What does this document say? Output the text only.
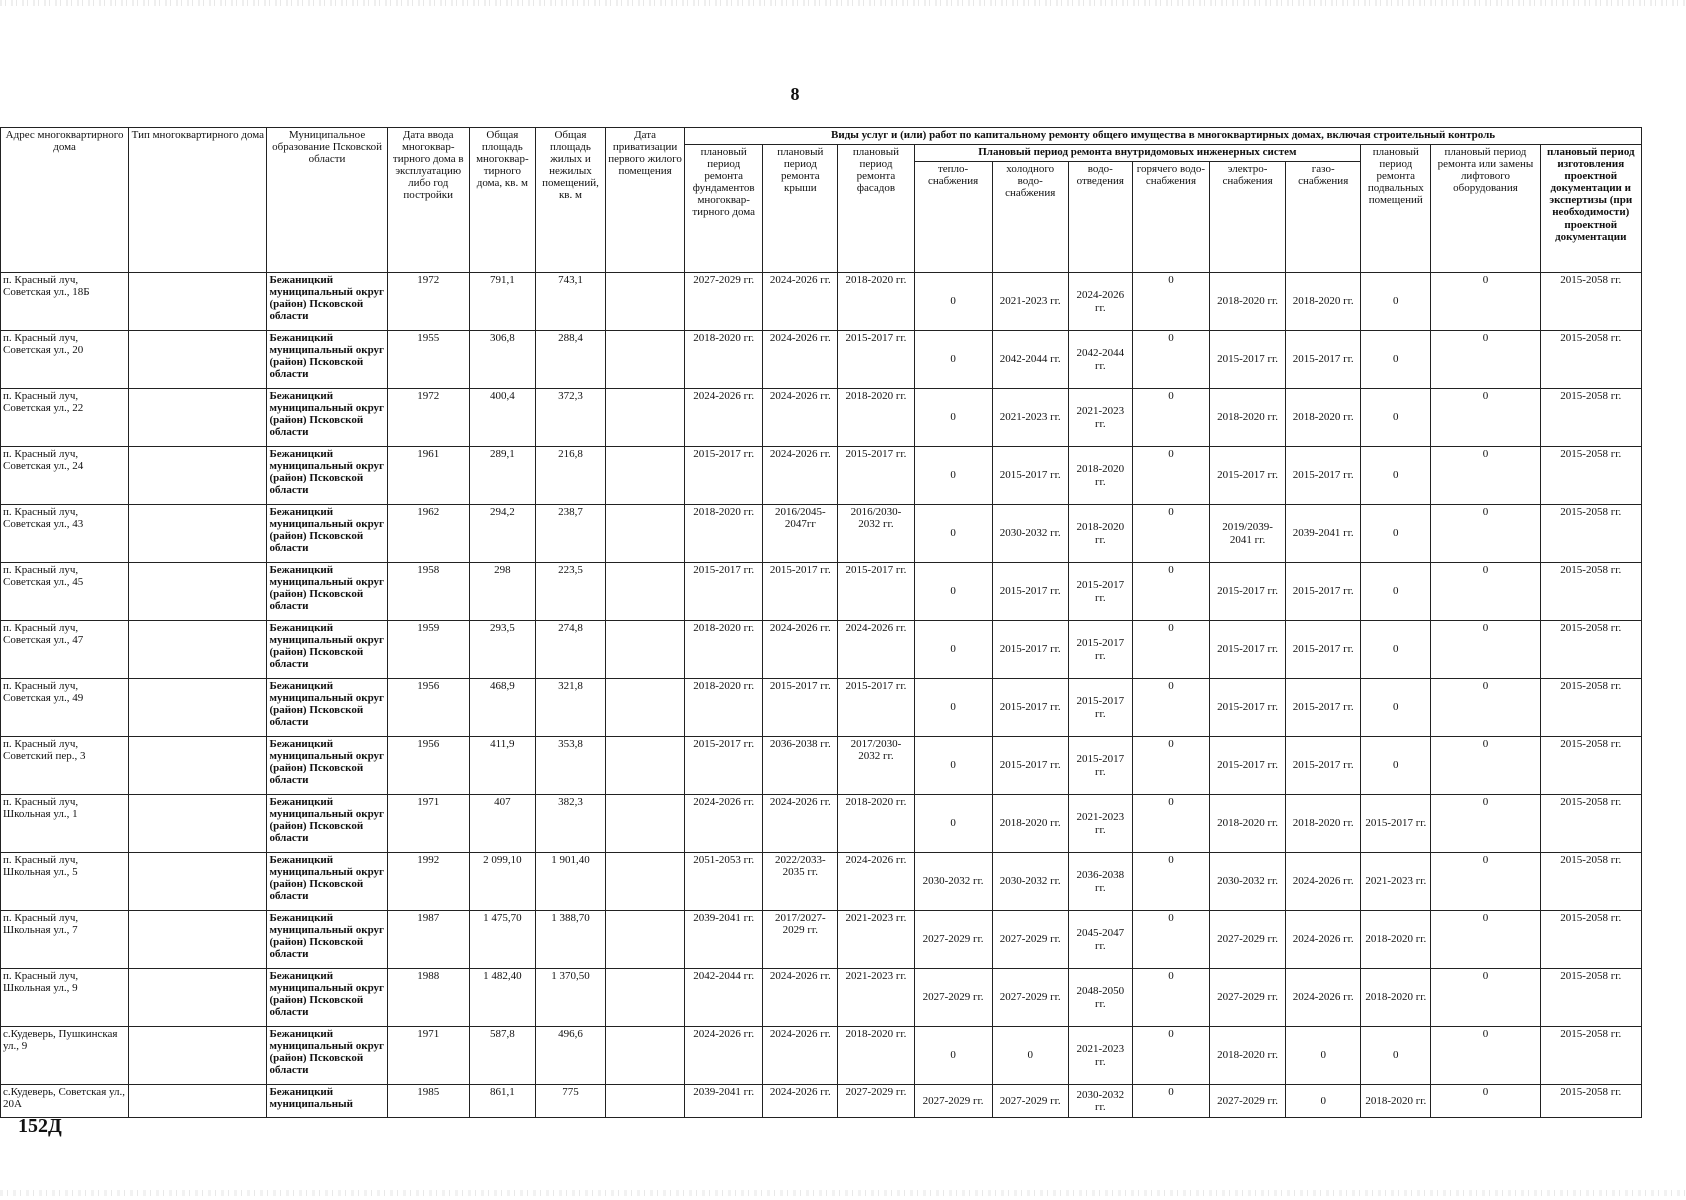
8
Адрес многоквартирного дома	Тип многоквартирного дома	Муниципальное образование Псковской области	Дата ввода многоквар-тирного дома в эксплуатацию либо год постройки	Общая площадь многоквар-тирного дома, кв. м	Общая площадь жилых и нежилых помещений, кв. м	Дата приватизации первого жилого помещения	Виды услуг и (или) работ по капитальному ремонту общего имущества в многоквартирных домах, включая строительный контроль											
							плановый период ремонта фундаментов многоквар-тирного дома	плановый период ремонта крыши	плановый период ремонта фасадов	Плановый период ремонта внутридомовых инженерных систем						плановый период ремонта подвальных помещений	плановый период ремонта или замены лифтового оборудования	плановый период изготовления проектной документации и экспертизы (при необходимости) проектной документации
										тепло-снабжения	холодного водо-снабжения	водо-отведения	горячего водо-снабжения	электро-снабжения	газо-снабжения			
п. Красный луч, Советская ул., 18Б		Бежаницкий муниципальный округ (район) Псковской области	1972	791,1	743,1		2027-2029 гг.	2024-2026 гг.	2018-2020 гг.	0	2021-2023 гг.	2024-2026 гг.	0	2018-2020 гг.	2018-2020 гг.	0	0	2015-2058 гг.
п. Красный луч, Советская ул., 20		Бежаницкий муниципальный округ (район) Псковской области	1955	306,8	288,4		2018-2020 гг.	2024-2026 гг.	2015-2017 гг.	0	2042-2044 гг.	2042-2044 гг.	0	2015-2017 гг.	2015-2017 гг.	0	0	2015-2058 гг.
п. Красный луч, Советская ул., 22		Бежаницкий муниципальный округ (район) Псковской области	1972	400,4	372,3		2024-2026 гг.	2024-2026 гг.	2018-2020 гг.	0	2021-2023 гг.	2021-2023 гг.	0	2018-2020 гг.	2018-2020 гг.	0	0	2015-2058 гг.
п. Красный луч, Советская ул., 24		Бежаницкий муниципальный округ (район) Псковской области	1961	289,1	216,8		2015-2017 гг.	2024-2026 гг.	2015-2017 гг.	0	2015-2017 гг.	2018-2020 гг.	0	2015-2017 гг.	2015-2017 гг.	0	0	2015-2058 гг.
п. Красный луч, Советская ул., 43		Бежаницкий муниципальный округ (район) Псковской области	1962	294,2	238,7		2018-2020 гг.	2016/2045-2047гг	2016/2030-2032 гг.	0	2030-2032 гг.	2018-2020 гг.	0	2019/2039-2041 гг.	2039-2041 гг.	0	0	2015-2058 гг.
п. Красный луч, Советская ул., 45		Бежаницкий муниципальный округ (район) Псковской области	1958	298	223,5		2015-2017 гг.	2015-2017 гг.	2015-2017 гг.	0	2015-2017 гг.	2015-2017 гг.	0	2015-2017 гг.	2015-2017 гг.	0	0	2015-2058 гг.
п. Красный луч, Советская ул., 47		Бежаницкий муниципальный округ (район) Псковской области	1959	293,5	274,8		2018-2020 гг.	2024-2026 гг.	2024-2026 гг.	0	2015-2017 гг.	2015-2017 гг.	0	2015-2017 гг.	2015-2017 гг.	0	0	2015-2058 гг.
п. Красный луч, Советская ул., 49		Бежаницкий муниципальный округ (район) Псковской области	1956	468,9	321,8		2018-2020 гг.	2015-2017 гг.	2015-2017 гг.	0	2015-2017 гг.	2015-2017 гг.	0	2015-2017 гг.	2015-2017 гг.	0	0	2015-2058 гг.
п. Красный луч, Советский пер., 3		Бежаницкий муниципальный округ (район) Псковской области	1956	411,9	353,8		2015-2017 гг.	2036-2038 гг.	2017/2030-2032 гг.	0	2015-2017 гг.	2015-2017 гг.	0	2015-2017 гг.	2015-2017 гг.	0	0	2015-2058 гг.
п. Красный луч, Школьная ул., 1		Бежаницкий муниципальный округ (район) Псковской области	1971	407	382,3		2024-2026 гг.	2024-2026 гг.	2018-2020 гг.	0	2018-2020 гг.	2021-2023 гг.	0	2018-2020 гг.	2018-2020 гг.	2015-2017 гг.	0	2015-2058 гг.
п. Красный луч, Школьная ул., 5		Бежаницкий муниципальный округ (район) Псковской области	1992	2 099,10	1 901,40		2051-2053 гг.	2022/2033-2035 гг.	2024-2026 гг.	2030-2032 гг.	2030-2032 гг.	2036-2038 гг.	0	2030-2032 гг.	2024-2026 гг.	2021-2023 гг.	0	2015-2058 гг.
п. Красный луч, Школьная ул., 7		Бежаницкий муниципальный округ (район) Псковской области	1987	1 475,70	1 388,70		2039-2041 гг.	2017/2027-2029 гг.	2021-2023 гг.	2027-2029 гг.	2027-2029 гг.	2045-2047 гг.	0	2027-2029 гг.	2024-2026 гг.	2018-2020 гг.	0	2015-2058 гг.
п. Красный луч, Школьная ул., 9		Бежаницкий муниципальный округ (район) Псковской области	1988	1 482,40	1 370,50		2042-2044 гг.	2024-2026 гг.	2021-2023 гг.	2027-2029 гг.	2027-2029 гг.	2048-2050 гг.	0	2027-2029 гг.	2024-2026 гг.	2018-2020 гг.	0	2015-2058 гг.
с.Кудеверь, Пушкинская ул., 9		Бежаницкий муниципальный округ (район) Псковской области	1971	587,8	496,6		2024-2026 гг.	2024-2026 гг.	2018-2020 гг.	0	0	2021-2023 гг.	0	2018-2020 гг.	0	0	0	2015-2058 гг.
с.Кудеверь, Советская ул., 20А		Бежаницкий муниципальный	1985	861,1	775		2039-2041 гг.	2024-2026 гг.	2027-2029 гг.	2027-2029 гг.	2027-2029 гг.	2030-2032 гг.	0	2027-2029 гг.	0	2018-2020 гг.	0	2015-2058 гг.
152Д
